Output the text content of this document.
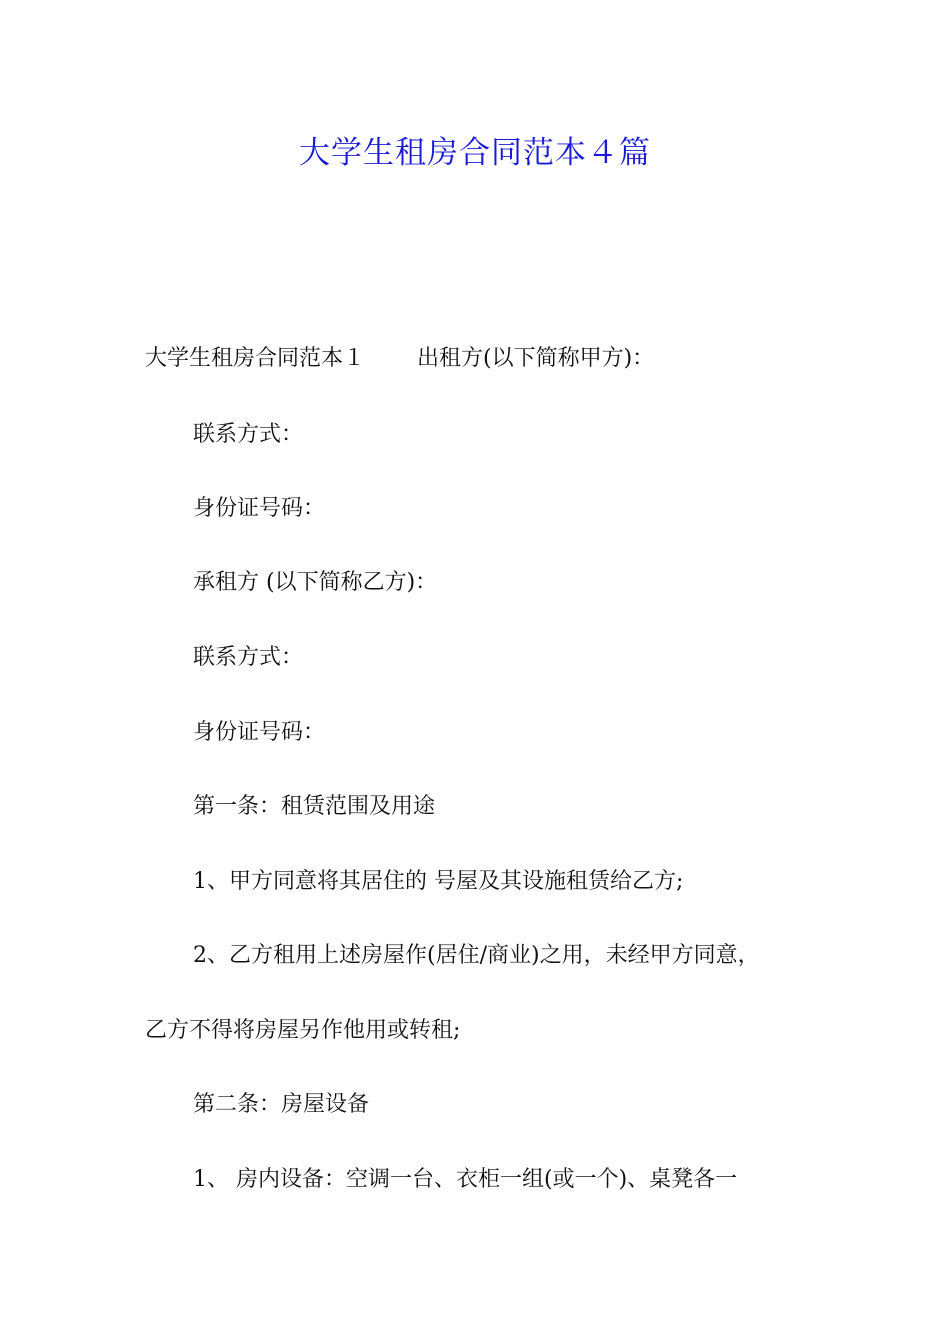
大学生租房合同范本４篇
大学生租房合同范本１ 出租方(以下简称甲方)：
联系方式：
身份证号码：
承租方 (以下简称乙方)：
联系方式：
身份证号码：
第一条：租赁范围及用途
1、甲方同意将其居住的 号屋及其设施租赁给乙方;
2、乙方租用上述房屋作(居住/商业)之用，未经甲方同意，
乙方不得将房屋另作他用或转租;
第二条：房屋设备
1、 房内设备：空调一台、衣柜一组(或一个)、桌凳各一
